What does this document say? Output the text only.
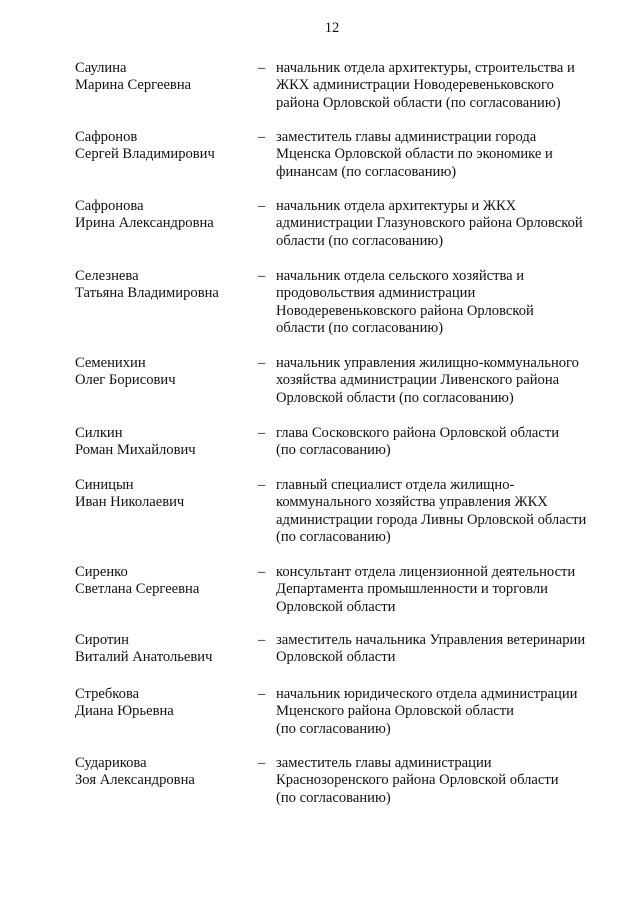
12
Саулина
Марина Сергеевна
– начальник отдела архитектуры, строительства и
ЖКХ администрации Новодеревеньковского
района Орловской области (по согласованию)
Сафронов
Сергей Владимирович
– заместитель главы администрации города
Мценска Орловской области по экономике и
финансам (по согласованию)
Сафронова
Ирина Александровна
– начальник отдела архитектуры и ЖКХ
администрации Глазуновского района Орловской
области (по согласованию)
Селезнева
Татьяна Владимировна
– начальник отдела сельского хозяйства и
продовольствия администрации
Новодеревеньковского района Орловской
области (по согласованию)
Семенихин
Олег Борисович
– начальник управления жилищно-коммунального
хозяйства администрации Ливенского района
Орловской области (по согласованию)
Силкин
Роман Михайлович
– глава Сосковского района Орловской области
(по согласованию)
Синицын
Иван Николаевич
– главный специалист отдела жилищно-
коммунального хозяйства управления ЖКХ
администрации города Ливны Орловской области
(по согласованию)
Сиренко
Светлана Сергеевна
– консультант отдела лицензионной деятельности
Департамента промышленности и торговли
Орловской области
Сиротин
Виталий Анатольевич
– заместитель начальника Управления ветеринарии
Орловской области
Стребкова
Диана Юрьевна
– начальник юридического отдела администрации
Мценского района Орловской области
(по согласованию)
Сударикова
Зоя Александровна
– заместитель главы администрации
Краснозоренского района Орловской области
(по согласованию)
